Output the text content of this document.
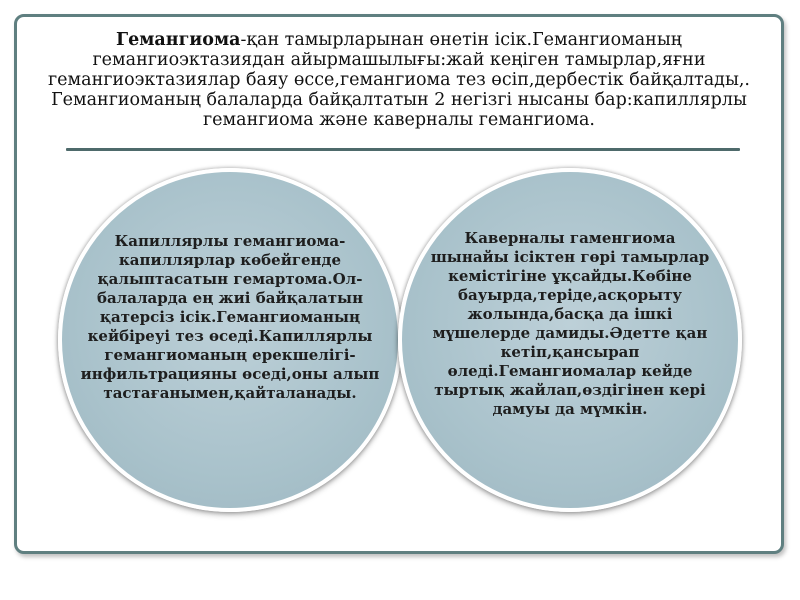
Гемангиома-қан тамырларынан өнетін ісік.Гемангиоманың
гемангиоэктазиядан айырмашылығы:жай кеңіген тамырлар,яғни
гемангиоэктазиялар баяу өссе,гемангиома тез өсіп,дербестік байқалтады,.
Гемангиоманың балаларда байқалтатын 2 негізгі нысаны бар:капиллярлы
гемангиома және каверналы гемангиома.
Капиллярлы гемангиома-
капиллярлар көбейгенде
қалыптасатын гемартома.Ол-
балаларда ең жиі байқалатын
қатерсіз ісік.Гемангиоманың
кейбіреуі тез өседі.Капиллярлы
гемангиоманың ерекшелігі-
инфильтрацияны өседі,оны алып
тастағанымен,қайталанады.
Каверналы гаменгиома
шынайы ісіктен гөрі тамырлар
кемістігіне ұқсайды.Көбіне
бауырда,теріде,асқорыту
жолында,басқа да ішкі
мүшелерде дамиды.Әдетте қан
кетіп,қансырап
өледі.Гемангиомалар кейде
тыртық жайлап,өздігінен кері
дамуы да мүмкін.
